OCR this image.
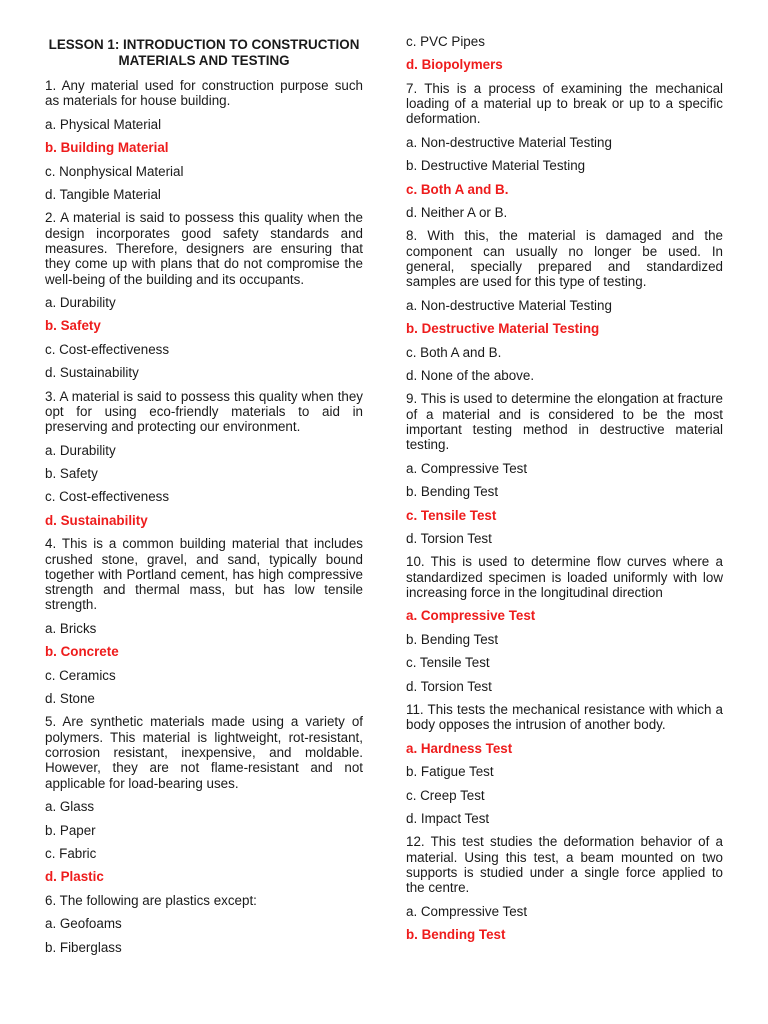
LESSON 1: INTRODUCTION TO CONSTRUCTION MATERIALS AND TESTING
1. Any material used for construction purpose such as materials for house building.
a. Physical Material
b. Building Material
c. Nonphysical Material
d. Tangible Material
2. A material is said to possess this quality when the design incorporates good safety standards and measures. Therefore, designers are ensuring that they come up with plans that do not compromise the well-being of the building and its occupants.
a. Durability
b. Safety
c. Cost-effectiveness
d. Sustainability
3. A material is said to possess this quality when they opt for using eco-friendly materials to aid in preserving and protecting our environment.
a. Durability
b. Safety
c. Cost-effectiveness
d. Sustainability
4. This is a common building material that includes crushed stone, gravel, and sand, typically bound together with Portland cement, has high compressive strength and thermal mass, but has low tensile strength.
a. Bricks
b. Concrete
c. Ceramics
d. Stone
5. Are synthetic materials made using a variety of polymers. This material is lightweight, rot-resistant, corrosion resistant, inexpensive, and moldable. However, they are not flame-resistant and not applicable for load-bearing uses.
a. Glass
b. Paper
c. Fabric
d. Plastic
6. The following are plastics except:
a. Geofoams
b. Fiberglass
c. PVC Pipes
d. Biopolymers
7. This is a process of examining the mechanical loading of a material up to break or up to a specific deformation.
a. Non-destructive Material Testing
b. Destructive Material Testing
c. Both A and B.
d. Neither A or B.
8. With this, the material is damaged and the component can usually no longer be used. In general, specially prepared and standardized samples are used for this type of testing.
a. Non-destructive Material Testing
b. Destructive Material Testing
c. Both A and B.
d. None of the above.
9. This is used to determine the elongation at fracture of a material and is considered to be the most important testing method in destructive material testing.
a. Compressive Test
b. Bending Test
c. Tensile Test
d. Torsion Test
10. This is used to determine flow curves where a standardized specimen is loaded uniformly with low increasing force in the longitudinal direction
a. Compressive Test
b. Bending Test
c. Tensile Test
d. Torsion Test
11. This tests the mechanical resistance with which a body opposes the intrusion of another body.
a. Hardness Test
b. Fatigue Test
c. Creep Test
d. Impact Test
12. This test studies the deformation behavior of a material. Using this test, a beam mounted on two supports is studied under a single force applied to the centre.
a. Compressive Test
b. Bending Test
